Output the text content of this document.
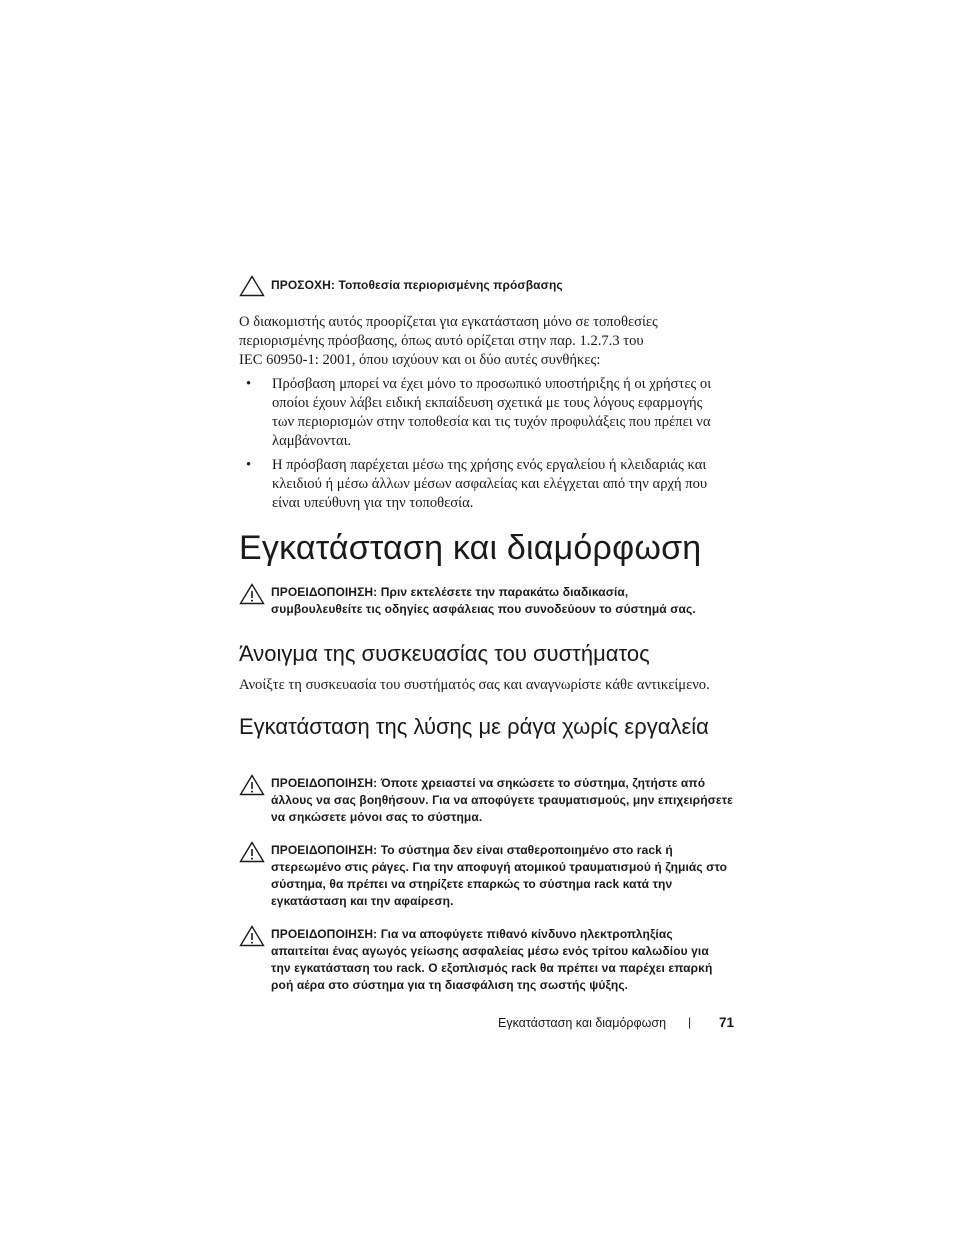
ΠΡΟΣΟΧΗ: Τοποθεσία περιορισμένης πρόσβασης
Ο διακομιστής αυτός προορίζεται για εγκατάσταση μόνο σε τοποθεσίες
περιορισμένης πρόσβασης, όπως αυτό ορίζεται στην παρ. 1.2.7.3 του
IEC 60950-1: 2001, όπου ισχύουν και οι δύο αυτές συνθήκες:
• Πρόσβαση μπορεί να έχει μόνο το προσωπικό υποστήριξης ή οι χρήστες οι
οποίοι έχουν λάβει ειδική εκπαίδευση σχετικά με τους λόγους εφαρμογής
των περιορισμών στην τοποθεσία και τις τυχόν προφυλάξεις που πρέπει να
λαμβάνονται.
• Η πρόσβαση παρέχεται μέσω της χρήσης ενός εργαλείου ή κλειδαριάς και
κλειδιού ή μέσω άλλων μέσων ασφαλείας και ελέγχεται από την αρχή που
είναι υπεύθυνη για την τοποθεσία.
Εγκατάσταση και διαμόρφωση
ΠΡΟΕΙΔΟΠΟΙΗΣΗ: Πριν εκτελέσετε την παρακάτω διαδικασία,
συμβουλευθείτε τις οδηγίες ασφάλειας που συνοδεύουν το σύστημά σας.
Άνοιγμα της συσκευασίας του συστήματος
Ανοίξτε τη συσκευασία του συστήματός σας και αναγνωρίστε κάθε αντικείμενο.
Εγκατάσταση της λύσης με ράγα χωρίς εργαλεία
ΠΡΟΕΙΔΟΠΟΙΗΣΗ: Όποτε χρειαστεί να σηκώσετε το σύστημα, ζητήστε από
άλλους να σας βοηθήσουν. Για να αποφύγετε τραυματισμούς, μην επιχειρήσετε
να σηκώσετε μόνοι σας το σύστημα.
ΠΡΟΕΙΔΟΠΟΙΗΣΗ: Το σύστημα δεν είναι σταθεροποιημένο στο rack ή
στερεωμένο στις ράγες. Για την αποφυγή ατομικού τραυματισμού ή ζημιάς στο
σύστημα, θα πρέπει να στηρίζετε επαρκώς το σύστημα rack κατά την
εγκατάσταση και την αφαίρεση.
ΠΡΟΕΙΔΟΠΟΙΗΣΗ: Για να αποφύγετε πιθανό κίνδυνο ηλεκτροπληξίας
απαιτείται ένας αγωγός γείωσης ασφαλείας μέσω ενός τρίτου καλωδίου για
την εγκατάσταση του rack. Ο εξοπλισμός rack θα πρέπει να παρέχει επαρκή
ροή αέρα στο σύστημα για τη διασφάλιση της σωστής ψύξης.
Εγκατάσταση και διαμόρφωση | 71
